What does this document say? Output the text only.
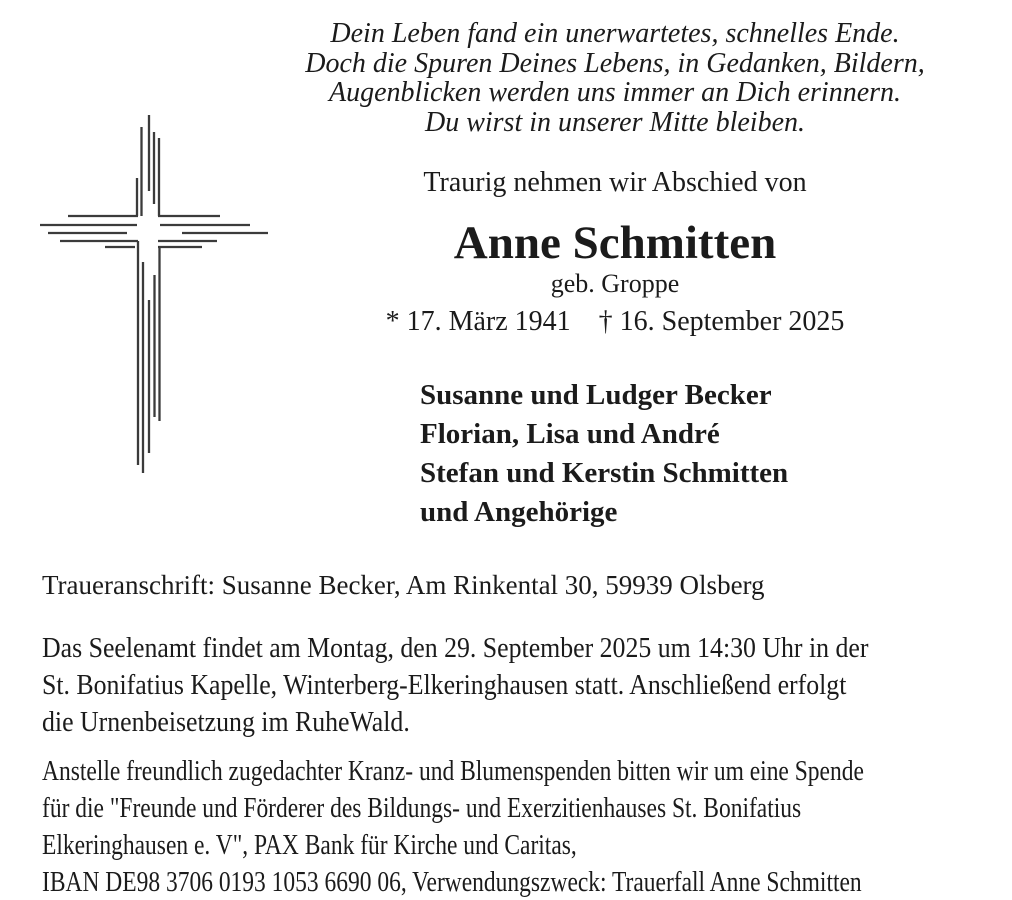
Dein Leben fand ein unerwartetes, schnelles Ende.
Doch die Spuren Deines Lebens, in Gedanken, Bildern,
Augenblicken werden uns immer an Dich erinnern.
Du wirst in unserer Mitte bleiben.
Traurig nehmen wir Abschied von
Anne Schmitten
geb. Groppe
* 17. März 1941 † 16. September 2025
Susanne und Ludger Becker
Florian, Lisa und André
Stefan und Kerstin Schmitten
und Angehörige
Traueranschrift: Susanne Becker, Am Rinkental 30, 59939 Olsberg
Das Seelenamt findet am Montag, den 29. September 2025 um 14:30 Uhr in der
St. Bonifatius Kapelle, Winterberg-Elkeringhausen statt. Anschließend erfolgt
die Urnenbeisetzung im RuheWald.
Anstelle freundlich zugedachter Kranz- und Blumenspenden bitten wir um eine Spende
für die "Freunde und Förderer des Bildungs- und Exerzitienhauses St. Bonifatius
Elkeringhausen e. V", PAX Bank für Kirche und Caritas,
IBAN DE98 3706 0193 1053 6690 06, Verwendungszweck: Trauerfall Anne Schmitten
